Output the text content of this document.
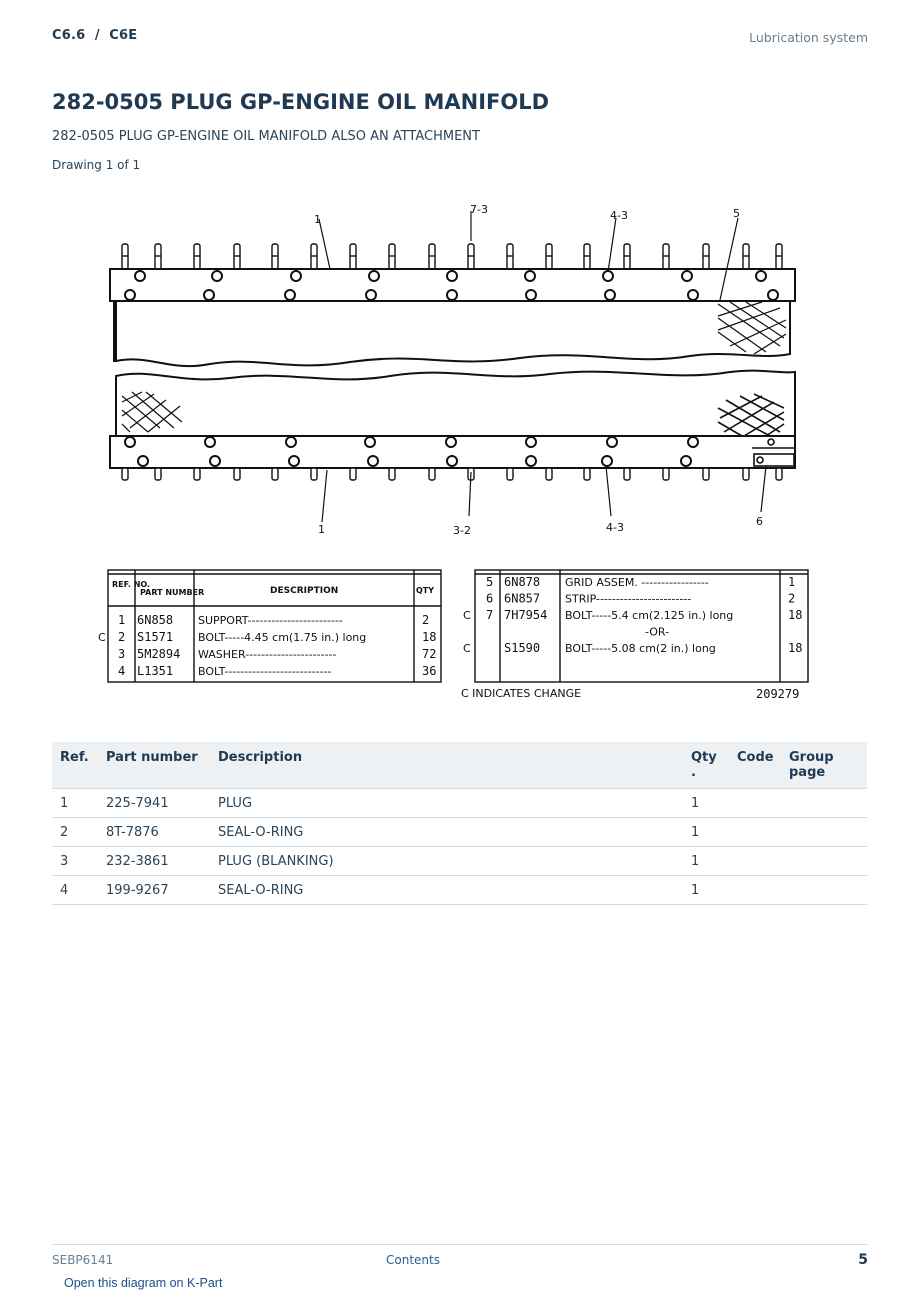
C6.6  /  C6E	Lubrication system
282-0505 PLUG GP-ENGINE OIL MANIFOLD
282-0505 PLUG GP-ENGINE OIL MANIFOLD ALSO AN ATTACHMENT
Drawing 1 of 1
1
7-3	4-3	5
1	3-2	4-3	6
REF. NO.
PART NUMBER	DESCRIPTION	QTY
1 6N858 SUPPORT------------------------	2
C 2 S1571 BOLT-----4.45 cm(1.75 in.) long	18
3 5M2894 WASHER-----------------------	72
4 L1351 BOLT---------------------------	36
5 6N878 GRID ASSEM. -----------------	1
6 6N857 STRIP------------------------	2
C 7 7H7954 BOLT-----5.4 cm(2.125 in.) long	18
-OR-
C	S1590 BOLT-----5.08 cm(2 in.) long	18
C INDICATES CHANGE	209279
Ref.	Part number	Description	Qty
.	Code	Group
page
1	225-7941	PLUG	1		
2	8T-7876	SEAL-O-RING	1		
3	232-3861	PLUG (BLANKING)	1		
4	199-9267	SEAL-O-RING	1		
SEBP6141	Contents	5
Open this diagram on K-Part
